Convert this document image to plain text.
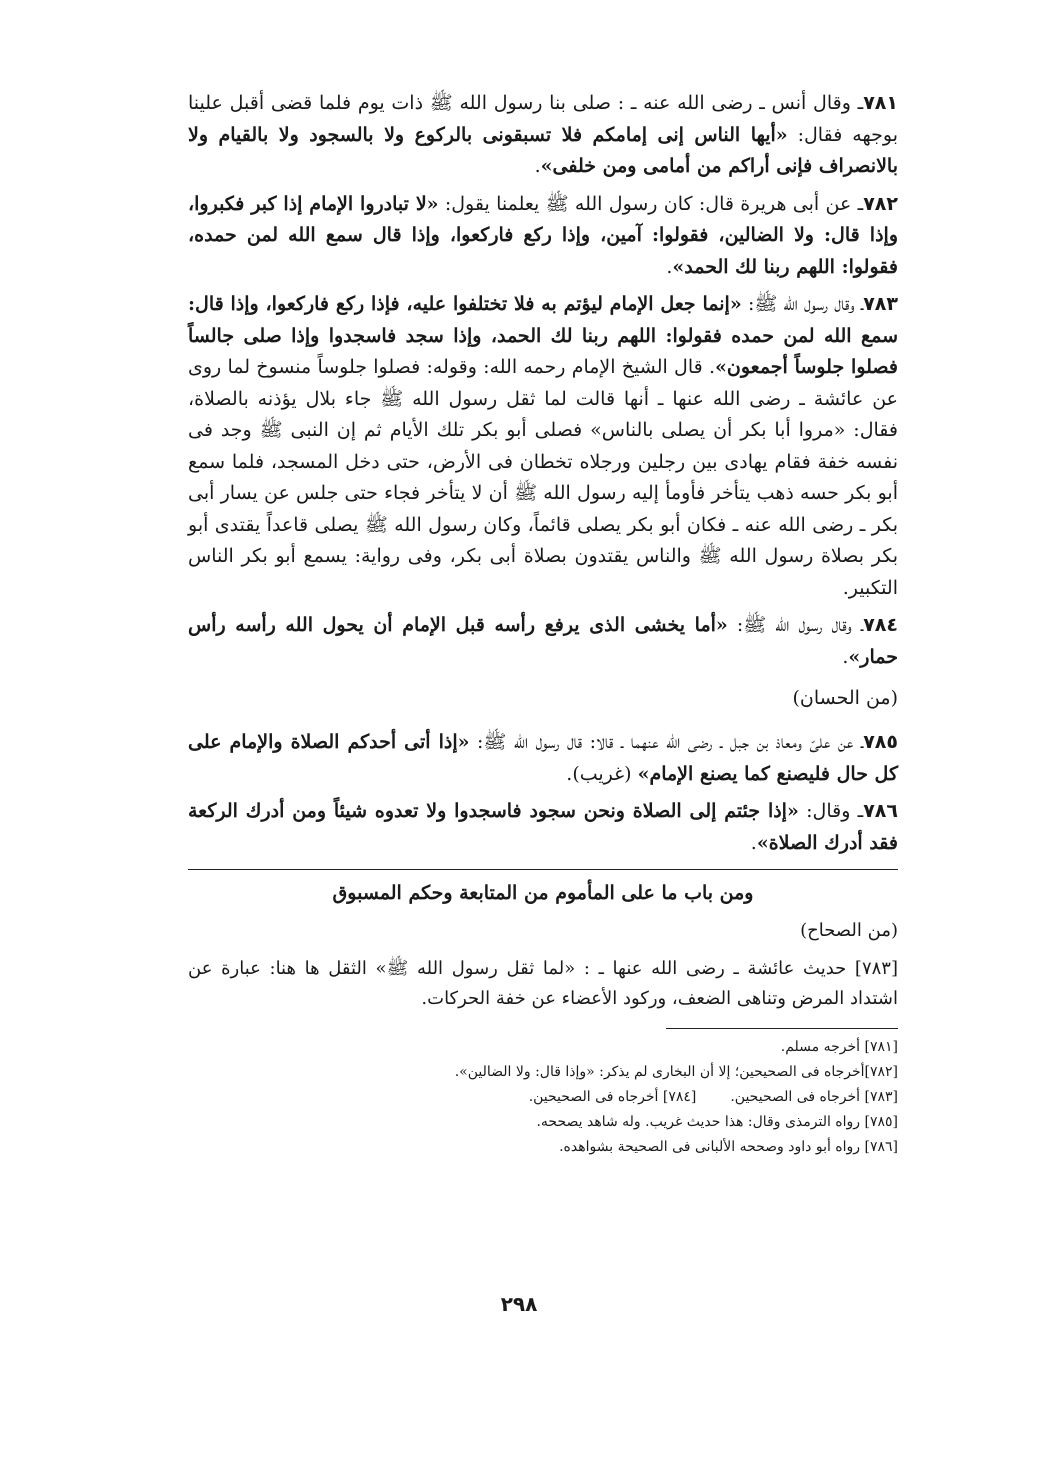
٧٨١ـ وقال أنس ـ رضى الله عنه ـ : صلى بنا رسول الله ﷺ ذات يوم فلما قضى أقبل علينا بوجهه فقال: «أيها الناس إنى إمامكم فلا تسبقونى بالركوع ولا بالسجود ولا بالقيام ولا بالانصراف فإنى أراكم من أمامى ومن خلفى».

٧٨٢ـ عن أبى هريرة قال: كان رسول الله ﷺ يعلمنا يقول: «لا تبادروا الإمام إذا كبر فكبروا، وإذا قال: ولا الضالين، فقولوا: آمين، وإذا ركع فاركعوا، وإذا قال سمع الله لمن حمده، فقولوا: اللهم ربنا لك الحمد».

٧٨٣ـ وقال رسول الله ﷺ: «إنما جعل الإمام ليؤتم به فلا تختلفوا عليه، فإذا ركع فاركعوا، وإذا قال: سمع الله لمن حمده فقولوا: اللهم ربنا لك الحمد، وإذا سجد فاسجدوا وإذا صلى جالساً فصلوا جلوساً أجمعون». قال الشيخ الإمام رحمه الله: وقوله: فصلوا جلوساً منسوخ لما روى عن عائشة ـ رضى الله عنها ـ أنها قالت لما ثقل رسول الله ﷺ جاء بلال يؤذنه بالصلاة، فقال: «مروا أبا بكر أن يصلى بالناس» فصلى أبو بكر تلك الأيام ثم إن النبى ﷺ وجد فى نفسه خفة فقام يهادى بين رجلين ورجلاه تخطان فى الأرض، حتى دخل المسجد، فلما سمع أبو بكر حسه ذهب يتأخر فأومأ إليه رسول الله ﷺ أن لا يتأخر فجاء حتى جلس عن يسار أبى بكر ـ رضى الله عنه ـ فكان أبو بكر يصلى قائماً، وكان رسول الله ﷺ يصلى قاعداً يقتدى أبو بكر بصلاة رسول الله ﷺ والناس يقتدون بصلاة أبى بكر، وفى رواية: يسمع أبو بكر الناس التكبير.

٧٨٤ـ وقال رسول الله ﷺ: «أما يخشى الذى يرفع رأسه قبل الإمام أن يحول الله رأسه رأس حمار».

(من الحسان)

٧٨٥ـ عن علىّ ومعاذ بن جبل ـ رضى الله عنهما ـ قالا: قال رسول الله ﷺ: «إذا أتى أحدكم الصلاة والإمام على كل حال فليصنع كما يصنع الإمام» (غريب).

٧٨٦ـ وقال: «إذا جئتم إلى الصلاة ونحن سجود فاسجدوا ولا تعدوه شيئاً ومن أدرك الركعة فقد أدرك الصلاة».

ومن باب ما على المأموم من المتابعة وحكم المسبوق

(من الصحاح)

[٧٨٣] حديث عائشة ـ رضى الله عنها ـ : «لما ثقل رسول الله ﷺ» الثقل ها هنا: عبارة عن اشتداد المرض وتناهى الضعف، وركود الأعضاء عن خفة الحركات.

[٧٨١] أخرجه مسلم.

[٧٨٢]أخرجاه فى الصحيحين؛ إلا أن البخارى لم يذكر: «وإذا قال: ولا الضالين».

[٧٨٣] أخرجاه فى الصحيحين.
[٧٨٤] أخرجاه فى الصحيحين.

[٧٨٥] رواه الترمذى وقال: هذا حديث غريب. وله شاهد يصححه.

[٧٨٦] رواه أبو داود وصححه الألبانى فى الصحيحة بشواهده.

٢٩٨
